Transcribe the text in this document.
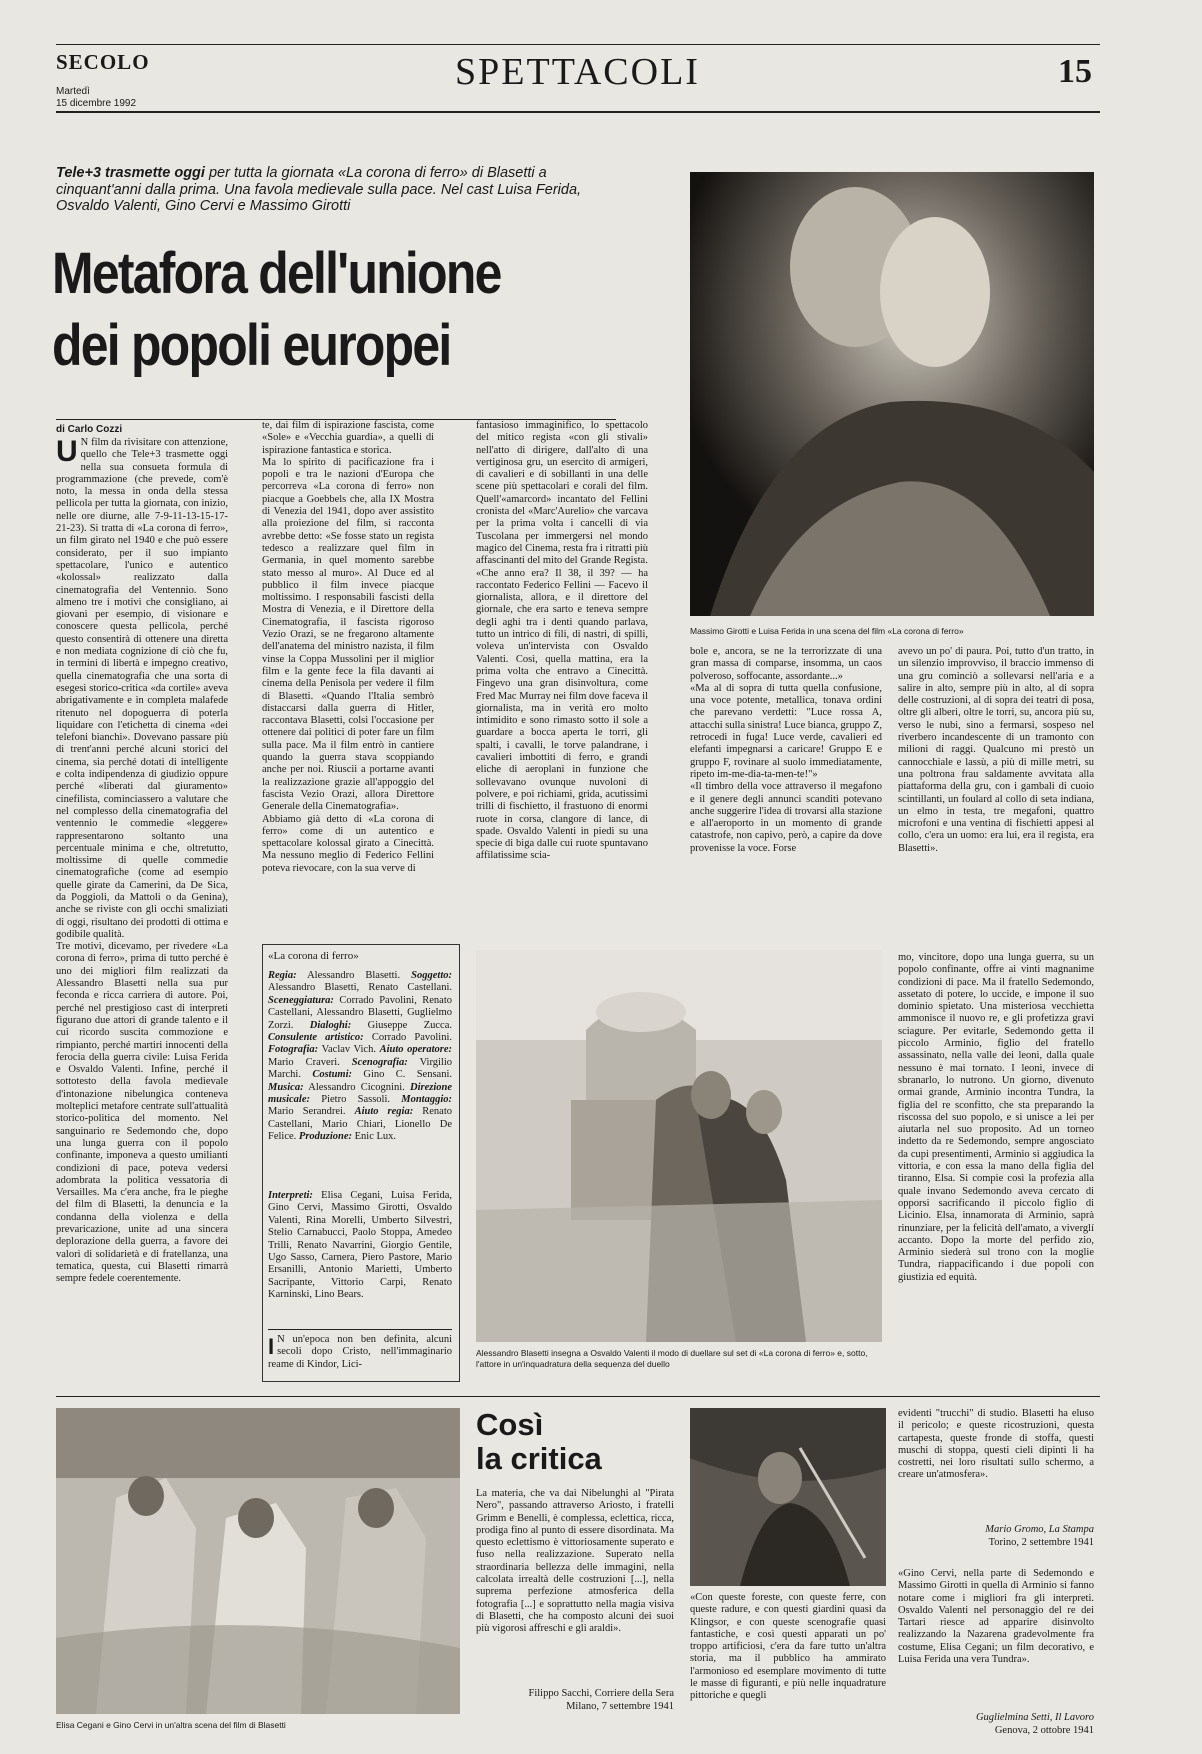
SECOLO
Martedì
15 dicembre 1992
SPETTACOLI	15
Tele+3 trasmette oggi per tutta la giornata «La corona di ferro» di Blasetti a cinquant'anni dalla prima. Una favola medievale sulla pace. Nel cast Luisa Ferida, Osvaldo Valenti, Gino Cervi e Massimo Girotti
Metafora dell'unione dei popoli europei
di Carlo Cozzi
U N film da rivisitare con attenzione, quello che Tele+3 trasmette oggi nella sua consueta formula di programmazione (che prevede, com'è noto, la messa in onda della stessa pellicola per tutta la giornata, con inizio, nelle ore diurne, alle 7-9-11-13-15-17-21-23). Si tratta di «La corona di ferro», un film girato nel 1940 e che può essere considerato, per il suo impianto spettacolare, l'unico e autentico «kolossal» realizzato dalla cinematografia del Ventennio. Sono almeno tre i motivi che consigliano, ai giovani per esempio, di visionare e conoscere questa pellicola, perché questo consentirà di ottenere una diretta e non mediata cognizione di ciò che fu, in termini di libertà e impegno creativo, quella cinematografia che una sorta di esegesi storico-critica «da cortile» aveva abrigativamente e in completa malafede ritenuto nel dopoguerra di poterla liquidare con l'etichetta di cinema «dei telefoni bianchi». Dovevano passare più di trent'anni perché alcuni storici del cinema, sia perché dotati di intelligente e colta indipendenza di giudizio oppure perché «liberati dal giuramento» cinefilista, cominciassero a valutare che nel complesso della cinematografia del ventennio le commedie «leggere» rappresentarono soltanto una percentuale minima e che, oltretutto, moltissime di quelle commedie cinematografiche (come ad esempio quelle girate da Camerini, da De Sica, da Poggioli, da Mattoli o da Genina), anche se riviste con gli occhi smaliziati di oggi, risultano dei prodotti di ottima e godibile qualità.
Tre motivi, dicevamo, per rivedere «La corona di ferro», prima di tutto perché è uno dei migliori film realizzati da Alessandro Blasetti nella sua pur feconda e ricca carriera di autore. Poi, perché nel prestigioso cast di interpreti figurano due attori di grande talento e il cui ricordo suscita commozione e rimpianto, perché martiri innocenti della ferocia della guerra civile: Luisa Ferida e Osvaldo Valenti. Infine, perché il sottotesto della favola medievale d'intonazione nibelungica conteneva molteplici metafore centrate sull'attualità storico-politica del momento. Nel sanguinario re Sedemondo che, dopo una lunga guerra con il popolo confinante, imponeva a questo umilianti condizioni di pace, poteva vedersi adombrata la politica vessatoria di Versailles. Ma c'era anche, fra le pieghe del film di Blasetti, la denuncia e la condanna della violenza e della prevaricazione, unite ad una sincera deplorazione della guerra, a favore dei valori di solidarietà e di fratellanza, una tematica, questa, cui Blasetti rimarrà sempre fedele coerentemente.
te, dai film di ispirazione fascista, come «Sole» e «Vecchia guardia», a quelli di ispirazione fantastica e storica.
Ma lo spirito di pacificazione fra i popoli e tra le nazioni d'Europa che percorreva «La corona di ferro» non piacque a Goebbels che, alla IX Mostra di Venezia del 1941, dopo aver assistito alla proiezione del film, si racconta avrebbe detto: «Se fosse stato un regista tedesco a realizzare quel film in Germania, in quel momento sarebbe stato messo al muro». Al Duce ed al pubblico il film invece piacque moltissimo. I responsabili fascisti della Mostra di Venezia, e il Direttore della Cinematografia, il fascista rigoroso Vezio Orazi, se ne fregarono altamente dell'anatema del ministro nazista, il film vinse la Coppa Mussolini per il miglior film e la gente fece la fila davanti ai cinema della Penisola per vedere il film di Blasetti. «Quando l'Italia sembrò distaccarsi dalla guerra di Hitler, raccontava Blasetti, colsi l'occasione per ottenere dai politici di poter fare un film sulla pace. Ma il film entrò in cantiere quando la guerra stava scoppiando anche per noi. Riuscii a portarne avanti la realizzazione grazie all'appoggio del fascista Vezio Orazi, allora Direttore Generale della Cinematografia».
Abbiamo già detto di «La corona di ferro» come di un autentico e spettacolare kolossal girato a Cinecittà. Ma nessuno meglio di Federico Fellini poteva rievocare, con la sua verve di
fantasioso immaginifico, lo spettacolo del mitico regista «con gli stivali» nell'atto di dirigere, dall'alto di una vertiginosa gru, un esercito di armigeri, di cavalieri e di sobillanti in una delle scene più spettacolari e corali del film. Quell'«amarcord» incantato del Fellini cronista del «Marc'Aurelio» che varcava per la prima volta i cancelli di via Tuscolana per immergersi nel mondo magico del Cinema, resta fra i ritratti più affascinanti del mito del Grande Regista.
«Che anno era? Il 38, il 39? — ha raccontato Federico Fellini — Facevo il giornalista, allora, e il direttore del giornale, che era sarto e teneva sempre degli aghi tra i denti quando parlava, tutto un intrico di fili, di nastri, di spilli, voleva un'intervista con Osvaldo Valenti. Così, quella mattina, era la prima volta che entravo a Cinecittà. Fingevo una gran disinvoltura, come Fred Mac Murray nei film dove faceva il giornalista, ma in verità ero molto intimidito e sono rimasto sotto il sole a guardare a bocca aperta le torri, gli spalti, i cavalli, le torve palandrane, i cavalieri imbottiti di ferro, e grandi eliche di aeroplani in funzione che sollevavano ovunque nuvoloni di polvere, e poi richiami, grida, acutissimi trilli di fischietto, il frastuono di enormi ruote in corsa, clangore di lance, di spade. Osvaldo Valenti in piedi su una specie di biga dalle cui ruote spuntavano affilatissime scia-
bole e, ancora, se ne la terrorizzate di una gran massa di comparse, insomma, un caos polveroso, soffocante, assordante...»
«Ma al di sopra di tutta quella confusione, una voce potente, metallica, tonava ordini che parevano verdetti: "Luce rossa A, attacchi sulla sinistra! Luce bianca, gruppo Z, retrocedi in fuga! Luce verde, cavalieri ed elefanti impegnarsi a caricare! Gruppo E e gruppo F, rovinare al suolo immediatamente, ripeto im-me-dia-ta-men-te!"»
«Il timbro della voce attraverso il megafono e il genere degli annunci scanditi potevano anche suggerire l'idea di trovarsi alla stazione e all'aeroporto in un momento di grande catastrofe, non capivo, però, a capire da dove provenisse la voce. Forse
avevo un po' di paura. Poi, tutto d'un tratto, in un silenzio improvviso, il braccio immenso di una gru cominciò a sollevarsi nell'aria e a salire in alto, sempre più in alto, al di sopra delle costruzioni, al di sopra dei teatri di posa, oltre gli alberi, oltre le torri, su, ancora più su, verso le nubi, sino a fermarsi, sospeso nel riverbero incandescente di un tramonto con milioni di raggi. Qualcuno mi prestò un cannocchiale e lassù, a più di mille metri, su una poltrona frau saldamente avvitata alla piattaforma della gru, con i gambali di cuoio scintillanti, un foulard al collo di seta indiana, un elmo in testa, tre megafoni, quattro microfoni e una ventina di fischietti appesi al collo, c'era un uomo: era lui, era il regista, era Blasetti».
Massimo Girotti e Luisa Ferida in una scena del film «La corona di ferro»
«La corona di ferro»
Regia: Alessandro Blasetti. Soggetto: Alessandro Blasetti, Renato Castellani. Sceneggiatura: Corrado Pavolini, Renato Castellani, Alessandro Blasetti, Guglielmo Zorzi. Dialoghi: Giuseppe Zucca. Consulente artistico: Corrado Pavolini. Fotografia: Vaclav Vich. Aiuto operatore: Mario Craveri. Scenografia: Virgilio Marchi. Costumi: Gino C. Sensani. Musica: Alessandro Cicognini. Direzione musicale: Pietro Sassoli. Montaggio: Mario Serandrei. Aiuto regia: Renato Castellani, Mario Chiari, Lionello De Felice. Produzione: Enic Lux.
Interpreti: Elisa Cegani, Luisa Ferida, Gino Cervi, Massimo Girotti, Osvaldo Valenti, Rina Morelli, Umberto Silvestri, Stelio Carnabucci, Paolo Stoppa, Amedeo Trilli, Renato Navarrini, Giorgio Gentile, Ugo Sasso, Carnera, Piero Pastore, Mario Ersanilli, Antonio Marietti, Umberto Sacripante, Vittorio Carpi, Renato Karninski, Lino Bears.
I N un'epoca non ben definita, alcuni secoli dopo Cristo, nell'immaginario reame di Kindor, Lici-
Alessandro Blasetti insegna a Osvaldo Valenti il modo di duellare sul set di «La corona di ferro» e, sotto, l'attore in un'inquadratura della sequenza del duello
mo, vincitore, dopo una lunga guerra, su un popolo confinante, offre ai vinti magnanime condizioni di pace. Ma il fratello Sedemondo, assetato di potere, lo uccide, e impone il suo dominio spietato. Una misteriosa vecchietta ammonisce il nuovo re, e gli profetizza gravi sciagure. Per evitarle, Sedemondo getta il piccolo Arminio, figlio del fratello assassinato, nella valle dei leoni, dalla quale nessuno è mai tornato. I leoni, invece di sbranarlo, lo nutrono. Un giorno, divenuto ormai grande, Arminio incontra Tundra, la figlia del re sconfitto, che sta preparando la riscossa del suo popolo, e si unisce a lei per aiutarla nel suo proposito. Ad un torneo indetto da re Sedemondo, sempre angosciato da cupi presentimenti, Arminio si aggiudica la vittoria, e con essa la mano della figlia del tiranno, Elsa. Si compie così la profezia alla quale invano Sedemondo aveva cercato di opporsi sacrificando il piccolo figlio di Licinio. Elsa, innamorata di Arminio, saprà rinunziare, per la felicità dell'amato, a viverglí accanto. Dopo la morte del perfido zio, Arminio siederà sul trono con la moglie Tundra, riappacificando i due popoli con giustizia ed equità.
Elisa Cegani e Gino Cervi in un'altra scena del film di Blasetti
Così
la critica
La materia, che va dai Nibelunghi al "Pirata Nero", passando attraverso Ariosto, i fratelli Grimm e Benelli, è complessa, eclettica, ricca, prodiga fino al punto di essere disordinata. Ma questo eclettismo è vittoriosamente superato e fuso nella realizzazione. Superato nella straordinaria bellezza delle immagini, nella calcolata irrealtà delle costruzioni [...], nella suprema perfezione atmosferica della fotografia [...] e soprattutto nella magia visiva di Blasetti, che ha composto alcuni dei suoi più vigorosi affreschi e gli araldi».
Filippo Sacchi, Corriere della Sera
Milano, 7 settembre 1941
«Con queste foreste, con queste ferre, con queste radure, e con questi giardini quasi da Klingsor, e con queste scenografie quasi fantastiche, e così questi apparati un po' troppo artificiosi, c'era da fare tutto un'altra storia, ma il pubblico ha ammirato l'armonioso ed esemplare movimento di tutte le masse di figuranti, e più nelle inquadrature pittoriche e quegli
evidenti "trucchi" di studio. Blasetti ha eluso il pericolo; e queste ricostruzioni, questa cartapesta, queste fronde di stoffa, questi muschi di stoppa, questi cieli dipinti li ha costretti, nei loro risultati sullo schermo, a creare un'atmosfera».
Mario Gromo, La Stampa
Torino, 2 settembre 1941
«Gino Cervi, nella parte di Sedemondo e Massimo Girotti in quella di Arminio si fanno notare come i migliori fra gli interpreti. Osvaldo Valenti nel personaggio del re dei Tartari riesce ad apparire disinvolto realizzando la Nazarena gradevolmente fra costume, Elisa Cegani; un film decorativo, e Luisa Ferida una vera Tundra».
Guglielmina Setti, Il Lavoro
Genova, 2 ottobre 1941
